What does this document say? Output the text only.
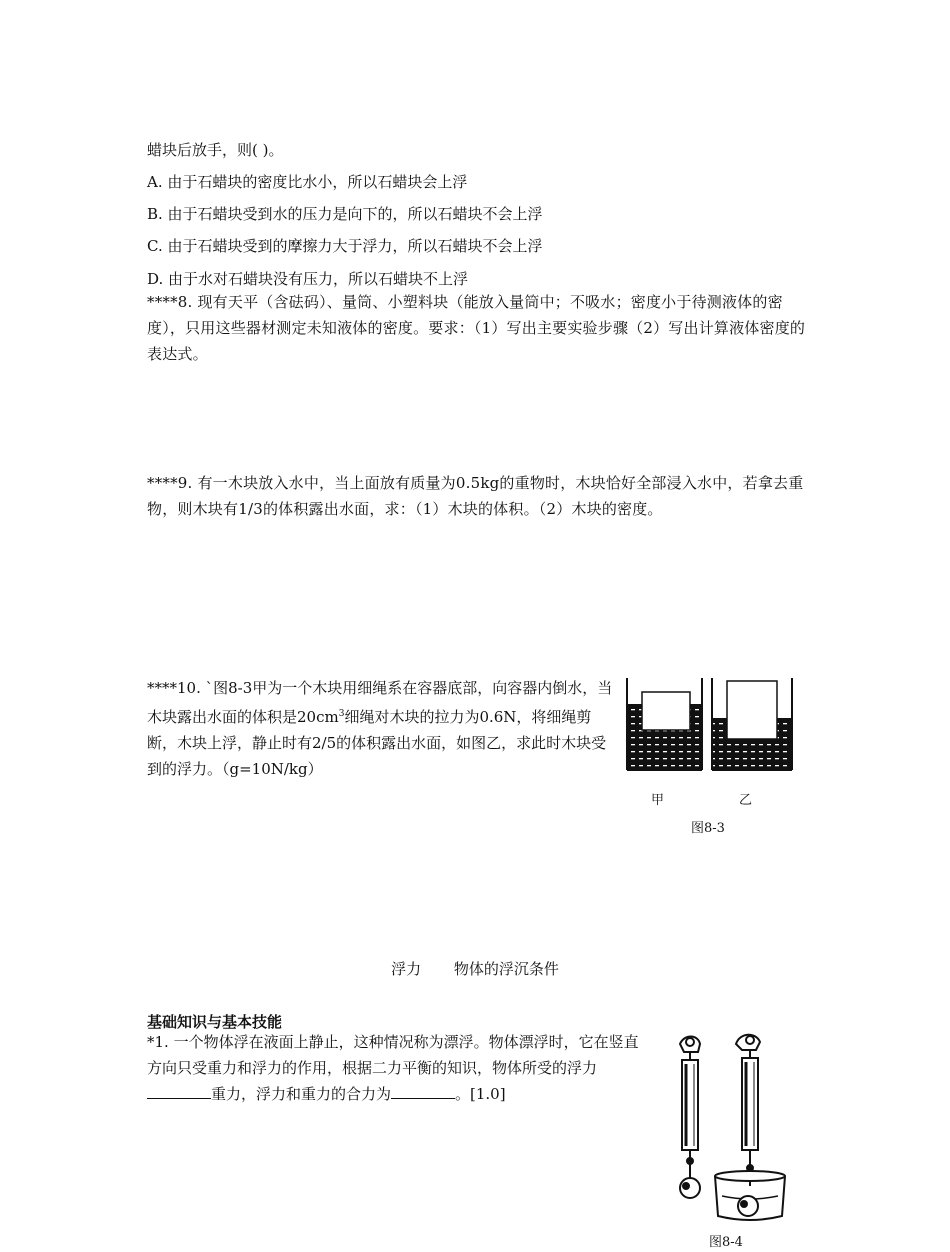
蜡块后放手，则( )。
A. 由于石蜡块的密度比水小，所以石蜡块会上浮
B. 由于石蜡块受到水的压力是向下的，所以石蜡块不会上浮
C. 由于石蜡块受到的摩擦力大于浮力，所以石蜡块不会上浮
D. 由于水对石蜡块没有压力，所以石蜡块不上浮
****8. 现有天平（含砝码）、量筒、小塑料块（能放入量筒中；不吸水；密度小于待测液体的密度），只用这些器材测定未知液体的密度。要求：（1）写出主要实验步骤（2）写出计算液体密度的表达式。
****9. 有一木块放入水中，当上面放有质量为0.5kg的重物时，木块恰好全部浸入水中，若拿去重物，则木块有1/3的体积露出水面，求：（1）木块的体积。（2）木块的密度。
****10. `图8-3甲为一个木块用细绳系在容器底部，向容器内倒水，当木块露出水面的体积是$20cm^3$细绳对木块的拉力为0.6N，将细绳剪断，木块上浮，静止时有2/5的体积露出水面，如图乙，求此时木块受到的浮力。（g=10N/kg）
甲	乙
图8-3
浮力 物体的浮沉条件
基础知识与基本技能
*1. 一个物体浮在液面上静止，这种情况称为漂浮。物体漂浮时，它在竖直方向只受重力和浮力的作用，根据二力平衡的知识，物体所受的浮力重力，浮力和重力的合力为	。[1.0]
图8-4
